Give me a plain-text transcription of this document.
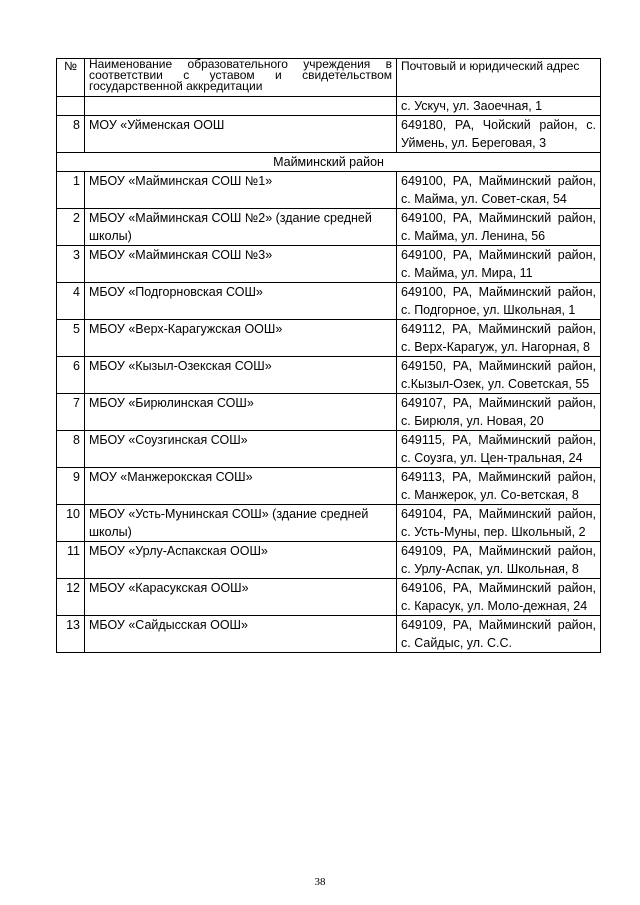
№	Наименование образовательного учреждения в соответствии с уставом и свидетельством государственной аккредитации	Почтовый и юридический адрес
		с. Ускуч, ул. Заоечная, 1
8	МОУ «Уйменская ООШ	649180, РА, Чойский район, с. Уймень, ул. Береговая, 3
Майминский район		
1	МБОУ «Майминская СОШ №1»	649100, РА, Майминский район, с. Майма, ул. Совет-ская, 54
2	МБОУ «Майминская СОШ №2» (здание средней школы)	649100, РА, Майминский район, с. Майма, ул. Ленина, 56
3	МБОУ «Майминская СОШ №3»	649100, РА, Майминский район, с. Майма, ул. Мира, 11
4	МБОУ «Подгорновская СОШ»	649100, РА, Майминский район, с. Подгорное, ул. Школьная, 1
5	МБОУ «Верх-Карагужская ООШ»	649112, РА, Майминский район, с. Верх-Карагуж, ул. Нагорная, 8
6	МБОУ «Кызыл-Озекская СОШ»	649150, РА, Майминский район, с.Кызыл-Озек, ул. Советская, 55
7	МБОУ «Бирюлинская СОШ»	649107, РА, Майминский район, с. Бирюля, ул. Новая, 20
8	МБОУ «Соузгинская СОШ»	649115, РА, Майминский район, с. Соузга, ул. Цен-тральная, 24
9	МОУ «Манжерокская СОШ»	649113, РА, Майминский район, с. Манжерок, ул. Со-ветская, 8
10	МБОУ «Усть-Мунинская СОШ» (здание средней школы)	649104, РА, Майминский район, с. Усть-Муны, пер. Школьный, 2
11	МБОУ «Урлу-Аспакская ООШ»	649109, РА, Майминский район, с. Урлу-Аспак, ул. Школьная, 8
12	МБОУ «Карасукская ООШ»	649106, РА, Майминский район, с. Карасук, ул. Моло-дежная, 24
13	МБОУ «Сайдысская ООШ»	649109, РА, Майминский район, с. Сайдыс, ул. С.С.
38
